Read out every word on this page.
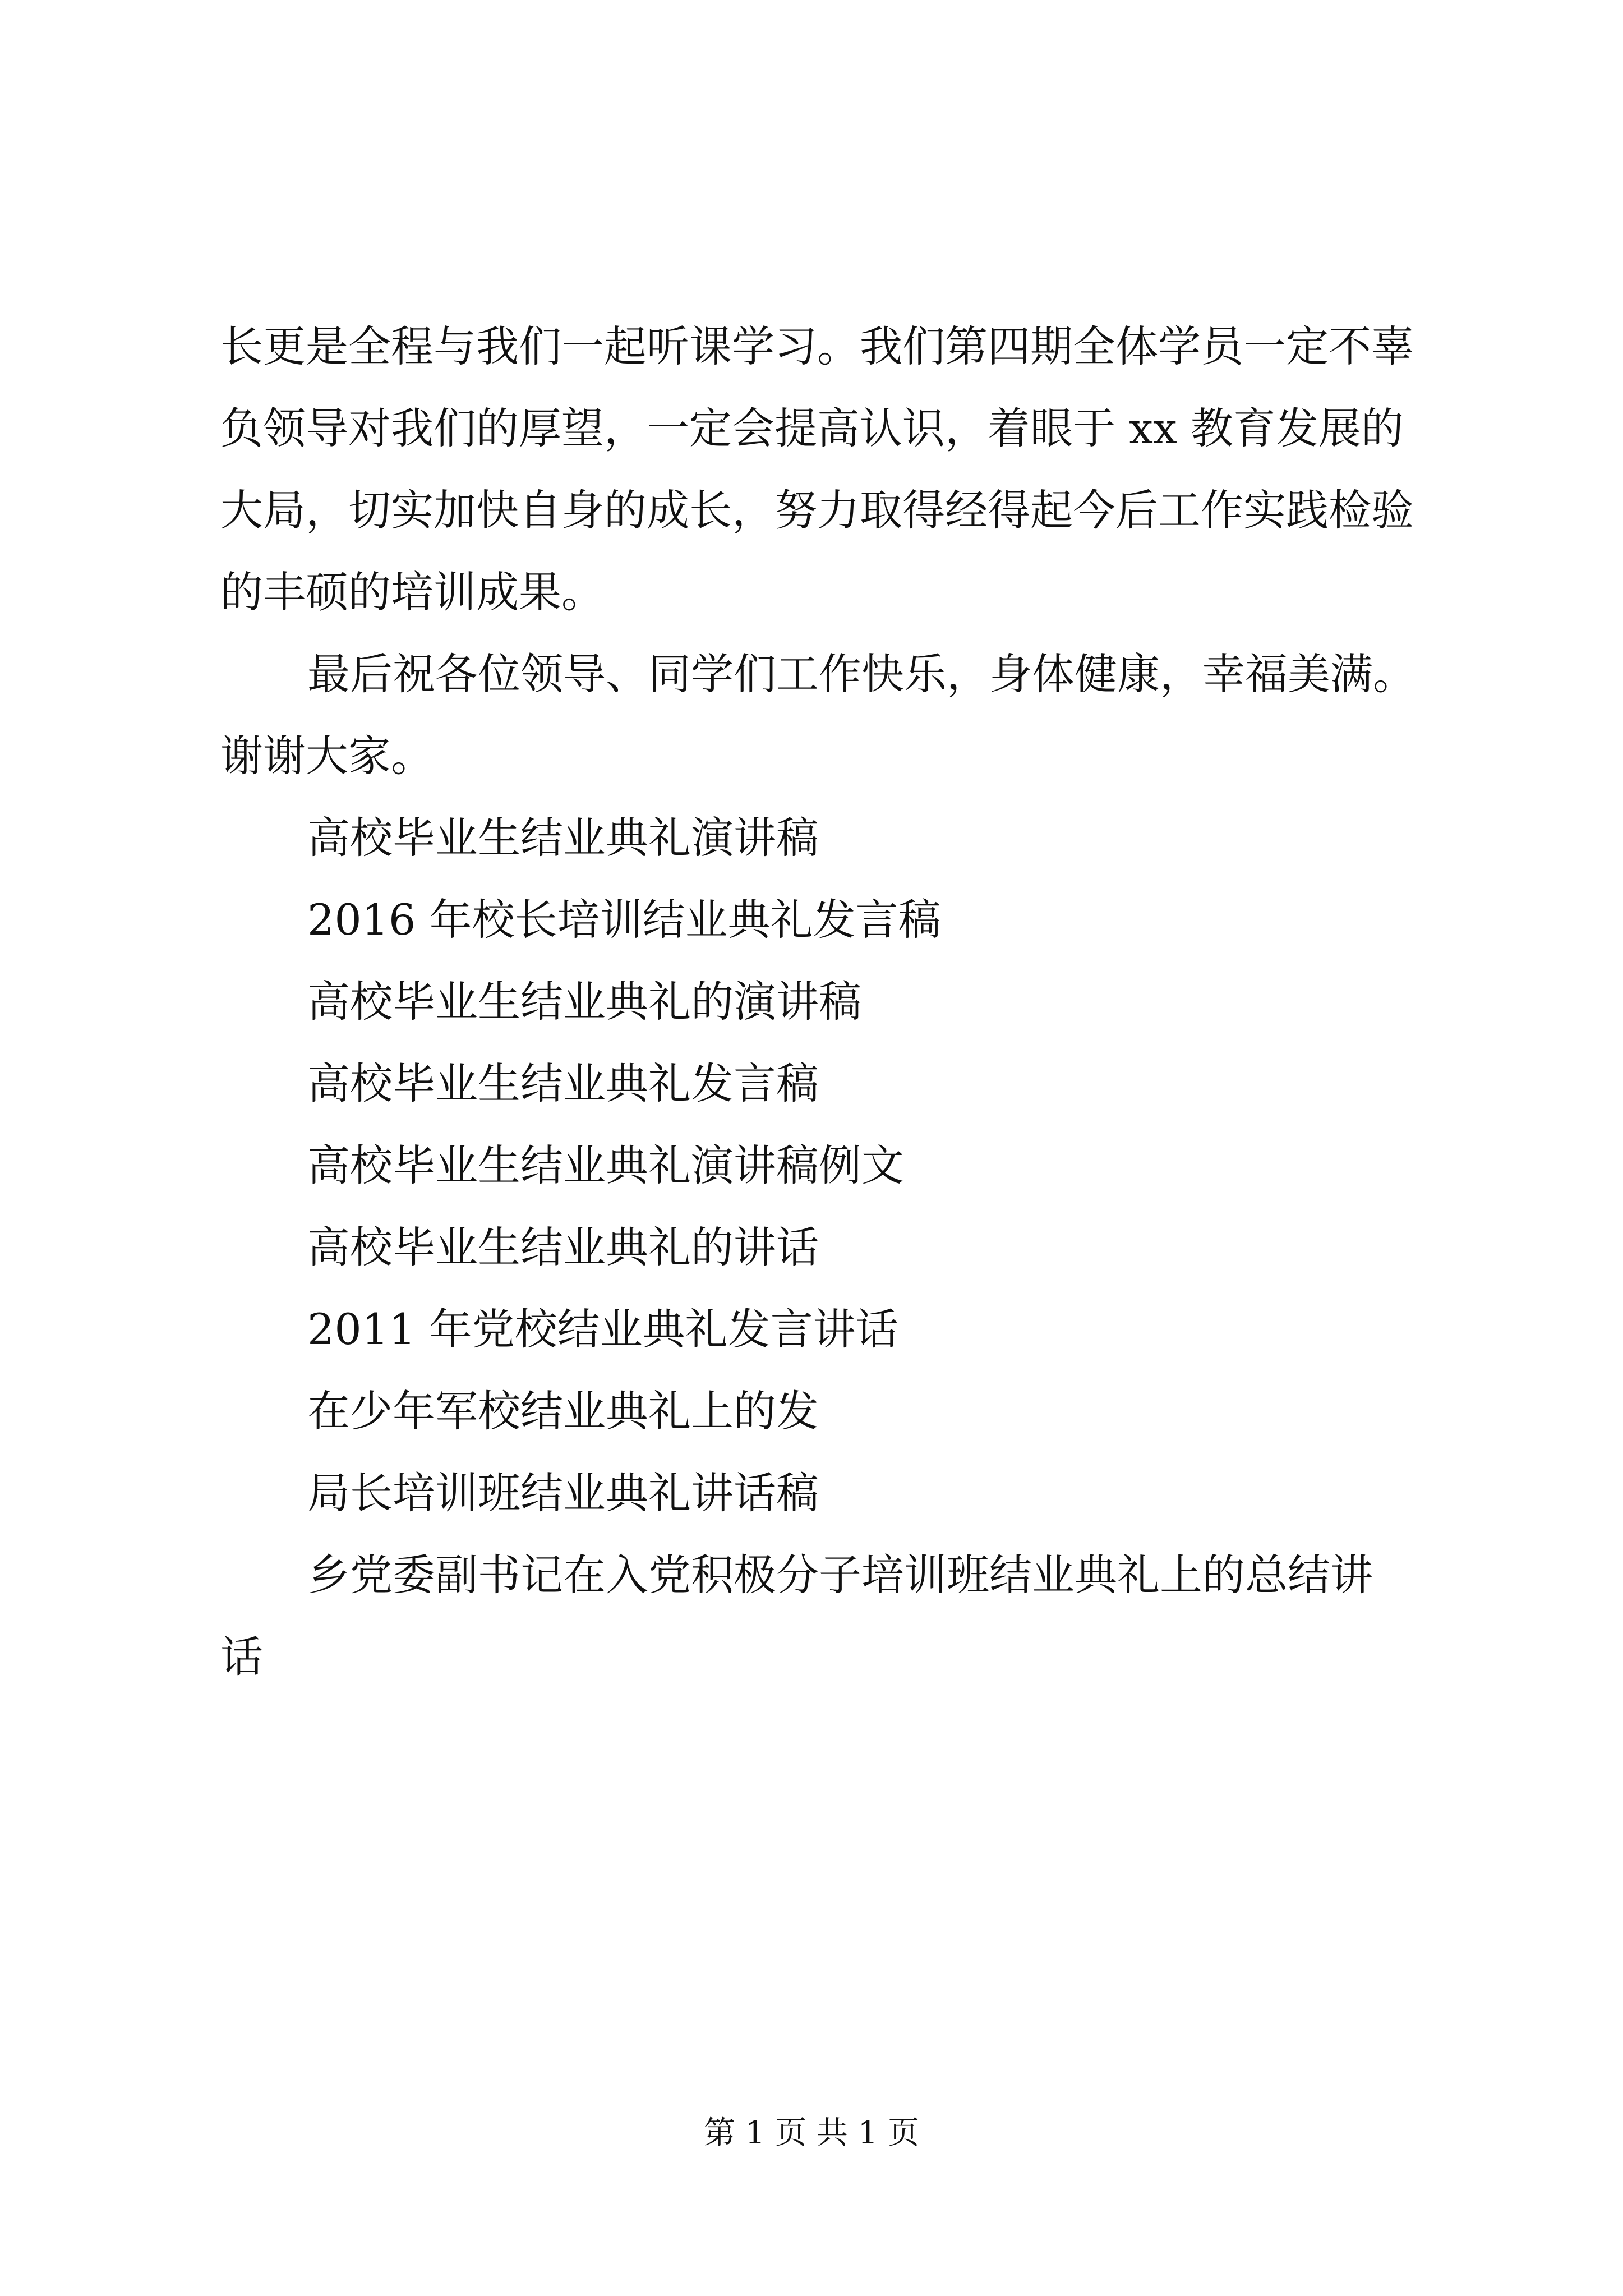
长更是全程与我们一起听课学习。我们第四期全体学员一定不辜
负领导对我们的厚望，一定会提高认识，着眼于 xx 教育发展的
大局，切实加快自身的成长，努力取得经得起今后工作实践检验
的丰硕的培训成果。
最后祝各位领导、同学们工作快乐，身体健康，幸福美满。
谢谢大家。
高校毕业生结业典礼演讲稿
2016 年校长培训结业典礼发言稿
高校毕业生结业典礼的演讲稿
高校毕业生结业典礼发言稿
高校毕业生结业典礼演讲稿例文
高校毕业生结业典礼的讲话
2011 年党校结业典礼发言讲话
在少年军校结业典礼上的发
局长培训班结业典礼讲话稿
乡党委副书记在入党积极分子培训班结业典礼上的总结讲
话
第 1 页 共 1 页
